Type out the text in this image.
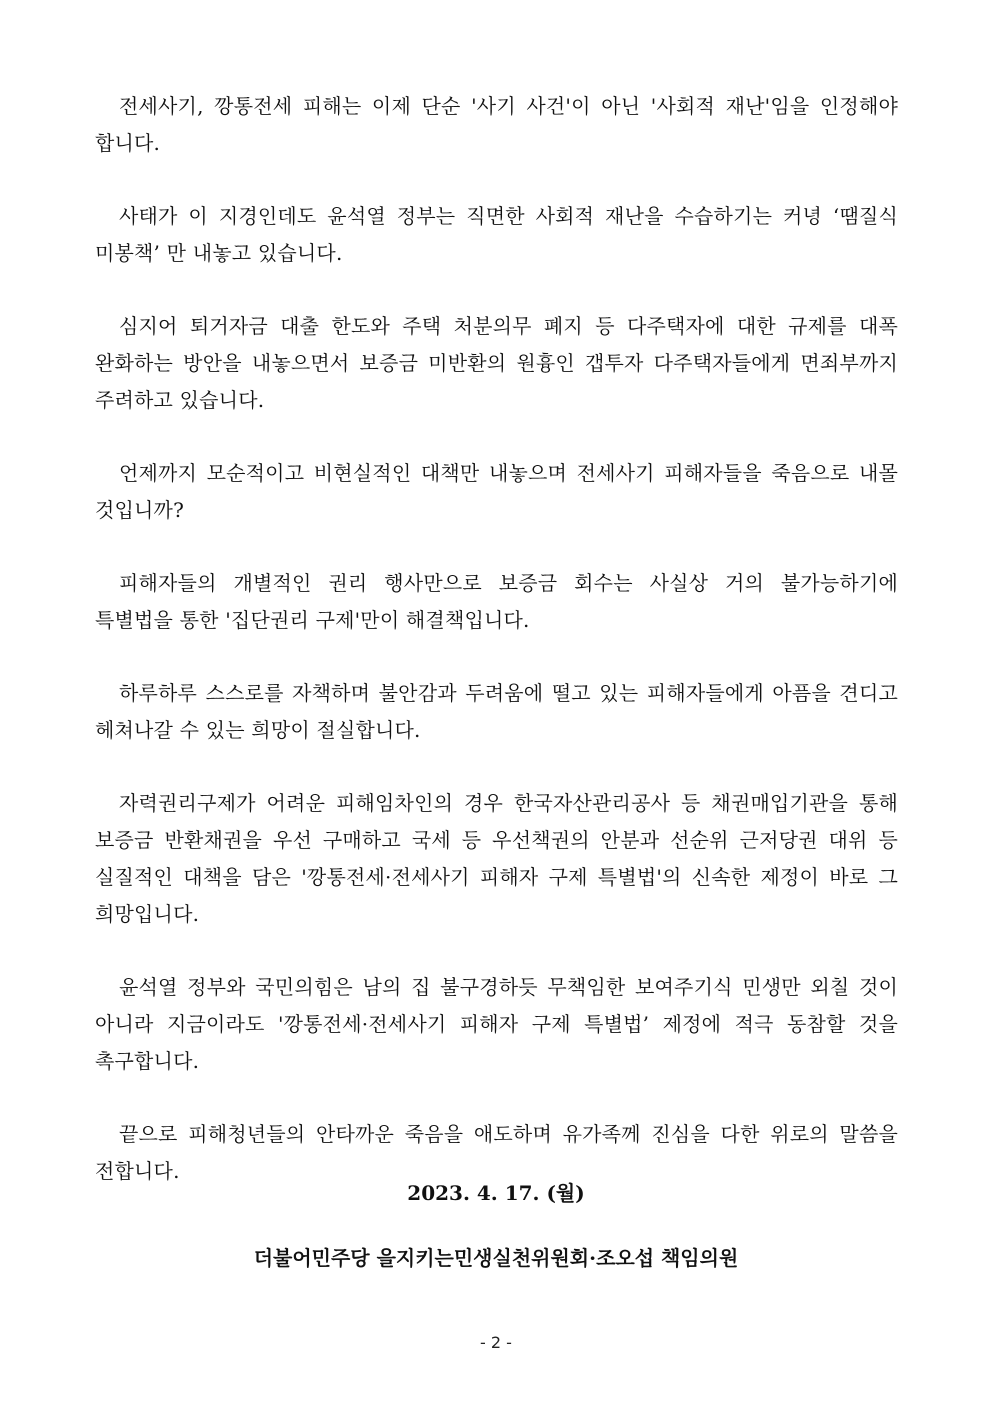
전세사기, 깡통전세 피해는 이제 단순 '사기 사건'이 아닌 '사회적 재난'임을 인정해야 합니다.

사태가 이 지경인데도 윤석열 정부는 직면한 사회적 재난을 수습하기는 커녕 ‘땜질식 미봉책’ 만 내놓고 있습니다.

심지어 퇴거자금 대출 한도와 주택 처분의무 폐지 등 다주택자에 대한 규제를 대폭 완화하는 방안을 내놓으면서 보증금 미반환의 원흉인 갭투자 다주택자들에게 면죄부까지 주려하고 있습니다.

언제까지 모순적이고 비현실적인 대책만 내놓으며 전세사기 피해자들을 죽음으로 내몰 것입니까?

피해자들의 개별적인 권리 행사만으로 보증금 회수는 사실상 거의 불가능하기에 특별법을 통한 '집단권리 구제'만이 해결책입니다.

하루하루 스스로를 자책하며 불안감과 두려움에 떨고 있는 피해자들에게 아픔을 견디고 헤쳐나갈 수 있는 희망이 절실합니다.

자력권리구제가 어려운 피해임차인의 경우 한국자산관리공사 등 채권매입기관을 통해 보증금 반환채권을 우선 구매하고 국세 등 우선책권의 안분과 선순위 근저당권 대위 등 실질적인 대책을 담은 '깡통전세·전세사기 피해자 구제 특별법'의 신속한 제정이 바로 그 희망입니다.

윤석열 정부와 국민의힘은 남의 집 불구경하듯 무책임한 보여주기식 민생만 외칠 것이 아니라 지금이라도 '깡통전세·전세사기 피해자 구제 특별법’ 제정에 적극 동참할 것을 촉구합니다.

끝으로 피해청년들의 안타까운 죽음을 애도하며 유가족께 진심을 다한 위로의 말씀을 전합니다.

2023. 4. 17. (월)
더불어민주당 을지키는민생실천위원회·조오섭 책임의원
- 2 -
